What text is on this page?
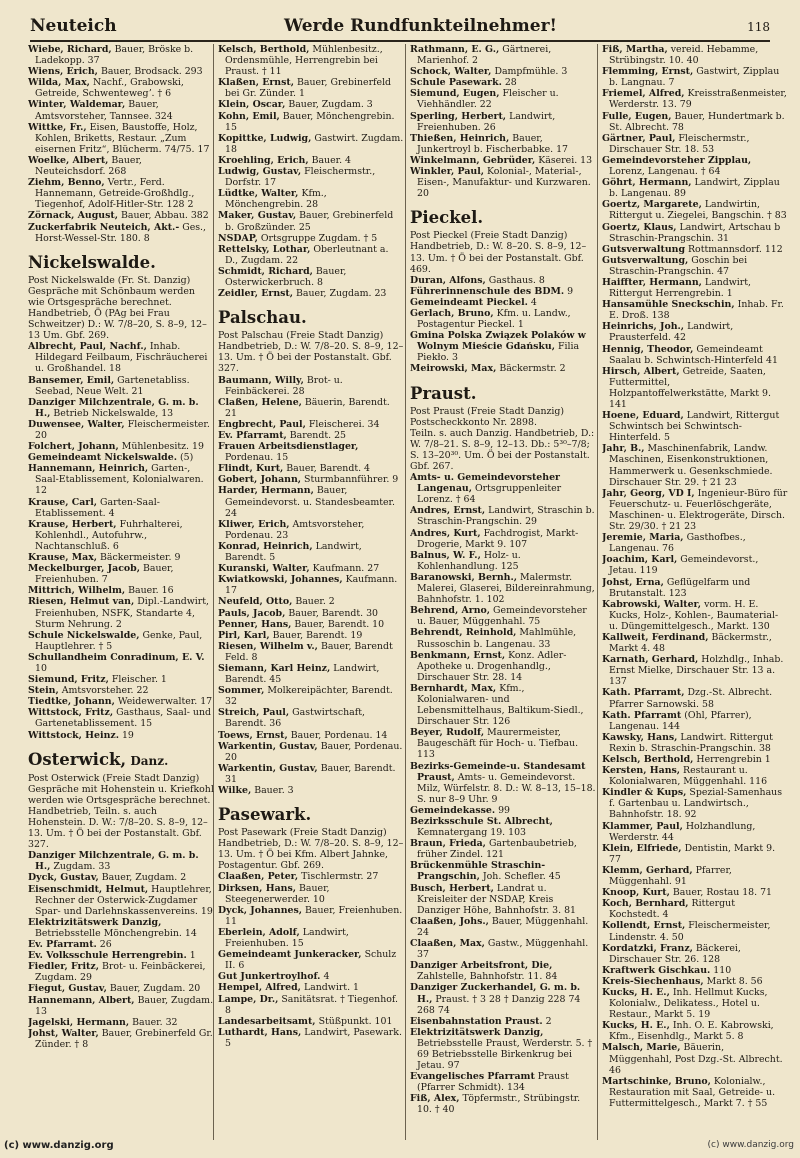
Neuteich	Werde Rundfunkteilnehmer!	118
Wiebe, Richard, Bauer, Bröske b. Ladekopp. 37
Wiens, Erich, Bauer, Brodsack. 293
Wilda, Max, Nachf., Grabowski, Getreide, Schwentewegʼ. † 6
Winter, Waldemar, Bauer, Amtsvorsteher, Tannsee. 324
Wittke, Fr., Eisen, Baustoffe, Holz, Kohlen, Briketts, Restaur. „Zum eisernen Fritz“, Blücherm. 74/75. 17
Woelke, Albert, Bauer, Neuteichsdorf. 268
Ziehm, Benno, Vertr., Ferd. Hannemann, Getreide-Großhdlg., Tiegenhof, Adolf-Hitler-Str. 128 2
Zörnack, August, Bauer, Abbau. 382
Zuckerfabrik Neuteich, Akt.- Ges., Horst-Wessel-Str. 180. 8
Nickelswalde.
Post Nickelswalde (Fr. St. Danzig)
Gespräche mit Schönbaum werden wie Ortsgespräche berechnet.
Handbetrieb, Ö (PAg bei Frau Schweitzer) D.: W. 7/8–20, S. 8–9, 12–13 Um. Gbf. 269.
Albrecht, Paul, Nachf., Inhab. Hildegard Feilbaum, Fischräucherei u. Großhandel. 18
Bansemer, Emil, Gartenetabliss. Seebad, Neue Welt. 21
Danziger Milchzentrale, G. m. b. H., Betrieb Nickelswalde, 13
Duwensee, Walter, Fleischermeister. 20
Folchert, Johann, Mühlenbesitz. 19
Gemeindeamt Nickelswalde. (5)
Hannemann, Heinrich, Garten-, Saal-Etablissement, Kolonialwaren. 12
Krause, Carl, Garten-Saal-Etablissement. 4
Krause, Herbert, Fuhrhalterei, Kohlenhdl., Autofuhrw., Nachtanschluß. 6
Krause, Max, Bäckermeister. 9
Meckelburger, Jacob, Bauer, Freienhuben. 7
Mittrich, Wilhelm, Bauer. 16
Riesen, Helmut van, Dipl.-Landwirt, Freienhuben, NSFK, Standarte 4, Sturm Nehrung. 2
Schule Nickelswalde, Genke, Paul, Hauptlehrer. † 5
Schullandheim Conradinum, E. V. 10
Siemund, Fritz, Fleischer. 1
Stein, Amtsvorsteher. 22
Tiedtke, Johann, Weidewerwalter. 17
Wittstock, Fritz, Gasthaus, Saal- und Gartenetablissement. 15
Wittstock, Heinz. 19
Osterwick, Danz.
Post Osterwick (Freie Stadt Danzig)
Gespräche mit Hohenstein u. Kriefkohl werden wie Ortsgespräche berechnet.
Handbetrieb, Teiln. s. auch Hohenstein. D. W.: 7/8–20. S. 8–9, 12–13. Um. † Ö bei der Postanstalt. Gbf. 327.
Danziger Milchzentrale, G. m. b. H., Zugdam. 33
Dyck, Gustav, Bauer, Zugdam. 2
Eisenschmidt, Helmut, Hauptlehrer, Rechner der Osterwick-Zugdamer Spar- und Darlehnskassenvereins. 19
Elektrizitätswerk Danzig, Betriebsstelle Mönchengrebin. 14
Ev. Pfarramt. 26
Ev. Volksschule Herrengrebin. 1
Fiedler, Fritz, Brot- u. Feinbäckerei, Zugdam. 29
Fiegut, Gustav, Bauer, Zugdam. 20
Hannemann, Albert, Bauer, Zugdam. 13
Jagelski, Hermann, Bauer. 32
Johst, Walter, Bauer, Grebinerfeld Gr. Zünder. † 8
Kelsch, Berthold, Mühlenbesitz., Ordensmühle, Herrengrebin bei Praust. † 11
Klaßen, Ernst, Bauer, Grebinerfeld bei Gr. Zünder. 1
Klein, Oscar, Bauer, Zugdam. 3
Kohn, Emil, Bauer, Mönchengrebin. 15
Kopittke, Ludwig, Gastwirt. Zugdam. 18
Kroehling, Erich, Bauer. 4
Ludwig, Gustav, Fleischermstr., Dorfstr. 17
Lüdtke, Walter, Kfm., Mönchengrebin. 28
Maker, Gustav, Bauer, Grebinerfeld b. Großzünder. 25
NSDAP, Ortsgruppe Zugdam. † 5
Rettelsky, Lothar, Oberleutnant a. D., Zugdam. 22
Schmidt, Richard, Bauer, Osterwickerbruch. 8
Zeidler, Ernst, Bauer, Zugdam. 23
Palschau.
Post Palschau (Freie Stadt Danzig)
Handbetrieb, D.: W. 7/8–20. S. 8–9, 12–13. Um. † Ö bei der Postanstalt. Gbf. 327.
Baumann, Willy, Brot- u. Feinbäckerei. 28
Claßen, Helene, Bäuerin, Barendt. 21
Engbrecht, Paul, Fleischerei. 34
Ev. Pfarramt, Barendt. 25
Frauen Arbeitsdienstlager, Pordenau. 15
Flindt, Kurt, Bauer, Barendt. 4
Gobert, Johann, Sturmbannführer. 9
Harder, Hermann, Bauer, Gemeindevorst. u. Standesbeamter. 24
Kliwer, Erich, Amtsvorsteher, Pordenau. 23
Konrad, Heinrich, Landwirt, Barendt. 5
Kuranski, Walter, Kaufmann. 27
Kwiatkowski, Johannes, Kaufmann. 17
Neufeld, Otto, Bauer. 2
Pauls, Jacob, Bauer, Barendt. 30
Penner, Hans, Bauer, Barendt. 10
Pirl, Karl, Bauer, Barendt. 19
Riesen, Wilhelm v., Bauer, Barendt Feld. 8
Siemann, Karl Heinz, Landwirt, Barendt. 45
Sommer, Molkereipächter, Barendt. 32
Streich, Paul, Gastwirtschaft, Barendt. 36
Toews, Ernst, Bauer, Pordenau. 14
Warkentin, Gustav, Bauer, Pordenau. 20
Warkentin, Gustav, Bauer, Barendt. 31
Wilke, Bauer. 3
Pasewark.
Post Pasewark (Freie Stadt Danzig)
Handbetrieb, D.: W. 7/8–20. S. 8–9, 12–13. Um. † Ö bei Kfm. Albert Jahnke, Postagentur. Gbf. 269.
Claaßen, Peter, Tischlermstr. 27
Dirksen, Hans, Bauer, Steegenerwerder. 10
Dyck, Johannes, Bauer, Freienhuben. 11
Eberlein, Adolf, Landwirt, Freienhuben. 15
Gemeindeamt Junkeracker, Schulz II. 6
Gut Junkertroylhof. 4
Hempel, Alfred, Landwirt. 1
Lampe, Dr., Sanitätsrat. † Tiegenhof. 8
Landesarbeitsamt, Stüßpunkt. 101
Luthardt, Hans, Landwirt, Pasewark. 5
Rathmann, E. G., Gärtnerei, Marienhof. 2
Schock, Walter, Dampfmühle. 3
Schule Pasewark. 28
Siemund, Eugen, Fleischer u. Viehhändler. 22
Sperling, Herbert, Landwirt, Freienhuben. 26
Thießen, Heinrich, Bauer, Junkertroyl b. Fischerbabke. 17
Winkelmann, Gebrüder, Käserei. 13
Winkler, Paul, Kolonial-, Material-, Eisen-, Manufaktur- und Kurzwaren. 20
Pieckel.
Post Pieckel (Freie Stadt Danzig)
Handbetrieb, D.: W. 8–20. S. 8–9, 12–13. Um. † Ö bei der Postanstalt. Gbf. 469.
Duran, Alfons, Gasthaus. 8
Führerinnenschule des BDM. 9
Gemeindeamt Pieckel. 4
Gerlach, Bruno, Kfm. u. Landw., Postagentur Pieckel. 1
Gmina Polska Związek Polaków w Wolnym Mieście Gdańsku, Filia Piekło. 3
Meirowski, Max, Bäckermstr. 2
Praust.
Post Praust (Freie Stadt Danzig)
Postscheckkonto Nr. 2898.
Teiln. s. auch Danzig. Handbetrieb, D.: W. 7/8–21. S. 8–9, 12–13. Db.: 5³⁰–7/8; S. 13–20³⁰. Um. Ö bei der Postanstalt. Gbf. 267.
Amts- u. Gemeindevorsteher Langenau, Ortsgruppenleiter Lorenz. † 64
Andres, Ernst, Landwirt, Straschin b. Straschin-Prangschin. 29
Andres, Kurt, Fachdrogist, Markt-Drogerie, Markt 9. 107
Balnus, W. F., Holz- u. Kohlenhandlung. 125
Baranowski, Bernh., Malermstr. Malerei, Glaserei, Bildereinrahmung, Bahnhofstr. 1. 102
Behrend, Arno, Gemeindevorsteher u. Bauer, Müggenhahl. 75
Behrendt, Reinhold, Mahlmühle, Russoschin b. Langenau. 33
Benkmann, Ernst, Konz. Adler-Apotheke u. Drogenhandlg., Dirschauer Str. 28. 14
Bernhardt, Max, Kfm., Kolonialwaren- und Lebensmittelhaus, Baltikum-Siedl., Dirschauer Str. 126
Beyer, Rudolf, Maurermeister, Baugeschäft für Hoch- u. Tiefbau. 113
Bezirks-Gemeinde-u. Standesamt Praust, Amts- u. Gemeindevorst. Milz, Würfelstr. 8. D.: W. 8–13, 15–18. S. nur 8–9 Uhr. 9
Gemeindekasse. 99
Bezirksschule St. Albrecht, Kemnatergang 19. 103
Braun, Frieda, Gartenbaubetrieb, früher Zindel. 121
Brückenmühle Straschin-Prangschin, Joh. Schefler. 45
Busch, Herbert, Landrat u. Kreisleiter der NSDAP, Kreis Danziger Höhe, Bahnhofstr. 3. 81
Claaßen, Johs., Bauer, Müggenhahl. 24
Claaßen, Max, Gastw., Müggenhahl. 37
Danziger Arbeitsfront, Die, Zahlstelle, Bahnhofstr. 11. 84
Danziger Zuckerhandel, G. m. b. H., Praust. † 3 28 † Danzig 228 74 268 74
Eisenbahnstation Praust. 2
Elektrizitätswerk Danzig, Betriebsstelle Praust, Werderstr. 5. † 69 Betriebsstelle Birkenkrug bei Jetau. 97
Evangelisches Pfarramt Praust (Pfarrer Schmidt). 134
Fiß, Alex, Töpfermstr., Strübingstr. 10. † 40
Fiß, Martha, vereid. Hebamme, Strübingstr. 10. 40
Flemming, Ernst, Gastwirt, Zipplau b. Langnau. 7
Friemel, Alfred, Kreisstraßenmeister, Werderstr. 13. 79
Fulle, Eugen, Bauer, Hundertmark b. St. Albrecht. 78
Gärtner, Paul, Fleischermstr., Dirschauer Str. 18. 53
Gemeindevorsteher Zipplau, Lorenz, Langenau. † 64
Göhrt, Hermann, Landwirt, Zipplau b. Langenau. 89
Goertz, Margarete, Landwirtin, Rittergut u. Ziegelei, Bangschin. † 83
Goertz, Klaus, Landwirt, Artschau b Straschin-Prangschin. 31
Gutsverwaltung Rottmannsdorf. 112
Gutsverwaltung, Goschin bei Straschin-Prangschin. 47
Haiffter, Hermann, Landwirt, Rittergut Herrengrebin. 1
Hansamühle Sneckschin, Inhab. Fr. E. Droß. 138
Heinrichs, Joh., Landwirt, Prausterfeld. 42
Hennig, Theodor, Gemeindeamt Saalau b. Schwintsch-Hinterfeld 41
Hirsch, Albert, Getreide, Saaten, Futtermittel, Holzpantoffelwerkstätte, Markt 9. 141
Hoene, Eduard, Landwirt, Rittergut Schwintsch bei Schwintsch-Hinterfeld. 5
Jahr, B., Maschinenfabrik, Landw. Maschinen, Eisenkonstruktionen, Hammerwerk u. Gesenkschmiede. Dirschauer Str. 29. † 21 23
Jahr, Georg, VD I, Ingenieur-Büro für Feuerschutz- u. Feuerlöschgeräte, Maschinen- u. Elektrogeräte, Dirsch. Str. 29/30. † 21 23
Jeremie, Maria, Gasthofbes., Langenau. 76
Joachim, Karl, Gemeindevorst., Jetau. 119
Johst, Erna, Geflügelfarm und Brutanstalt. 123
Kabrowski, Walter, vorm. H. E. Kucks, Holz-, Kohlen-, Baumaterial- u. Düngemittelgesch., Markt. 130
Kallweit, Ferdinand, Bäckermstr., Markt 4. 48
Karnath, Gerhard, Holzhdlg., Inhab. Ernst Mielke, Dirschauer Str. 13 a. 137
Kath. Pfarramt, Dzg.-St. Albrecht. Pfarrer Sarnowski. 58
Kath. Pfarramt (Ohl, Pfarrer), Langenau. 144
Kawsky, Hans, Landwirt. Rittergut Rexin b. Straschin-Prangschin. 38
Kelsch, Berthold, Herrengrebin 1
Kersten, Hans, Restaurant u. Kolonialwaren, Müggenhahl. 116
Kindler & Kups, Spezial-Samenhaus f. Gartenbau u. Landwirtsch., Bahnhofstr. 18. 92
Klammer, Paul, Holzhandlung, Werderstr. 44
Klein, Elfriede, Dentistin, Markt 9. 77
Klemm, Gerhard, Pfarrer, Müggenhahl. 91
Knoop, Kurt, Bauer, Rostau 18. 71
Koch, Bernhard, Rittergut Kochstedt. 4
Kollendt, Ernst, Fleischermeister, Lindenstr. 4. 50
Kordatzki, Franz, Bäckerei, Dirschauer Str. 26. 128
Kraftwerk Gischkau. 110
Kreis-Siechenhaus, Markt 8. 56
Kucks, H. E., Inh. Hellmut Kucks, Kolonialw., Delikatess., Hotel u. Restaur., Markt 5. 19
Kucks, H. E., Inh. O. E. Kabrowski, Kfm., Eisenhdlg., Markt 5. 8
Malsch, Marie, Bäuerin, Müggenhahl, Post Dzg.-St. Albrecht. 46
Martschinke, Bruno, Kolonialw., Restauration mit Saal, Getreide- u. Futtermittelgesch., Markt 7. † 55
(c) www.danzig.org	(c) www.danzig.org
